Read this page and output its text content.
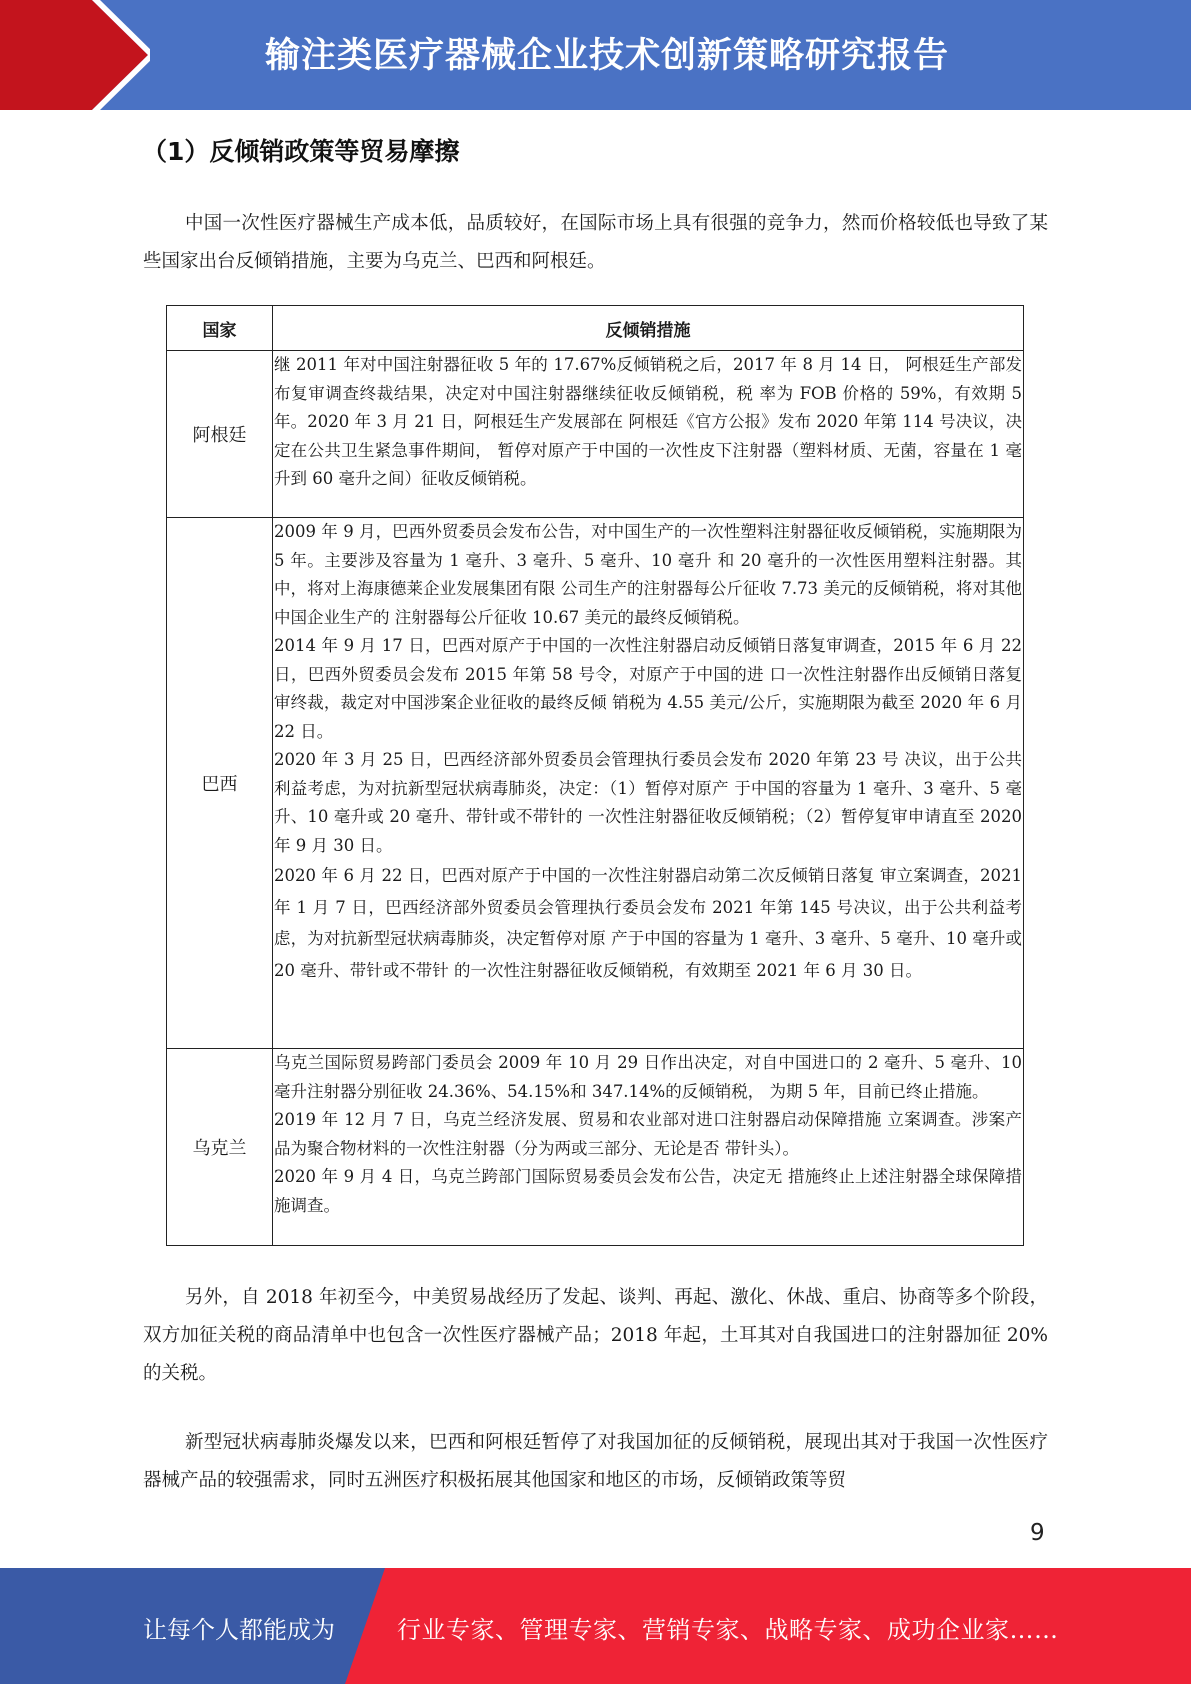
输注类医疗器械企业技术创新策略研究报告
（1）反倾销政策等贸易摩擦

中国一次性医疗器械生产成本低，品质较好，在国际市场上具有很强的竞争力，然而价格较低也导致了某些国家出台反倾销措施，主要为乌克兰、巴西和阿根廷。

国家	反倾销措施
阿根廷	继 2011 年对中国注射器征收 5 年的 17.67%反倾销税之后，2017 年 8 月 14 日， 阿根廷生产部发布复审调查终裁结果，决定对中国注射器继续征收反倾销税，税 率为 FOB 价格的 59%，有效期 5 年。2020 年 3 月 21 日，阿根廷生产发展部在 阿根廷《官方公报》发布 2020 年第 114 号决议，决定在公共卫生紧急事件期间， 暂停对原产于中国的一次性皮下注射器（塑料材质、无菌，容量在 1 毫升到 60 毫升之间）征收反倾销税。

巴西	2009 年 9 月，巴西外贸委员会发布公告，对中国生产的一次性塑料注射器征收反倾销税，实施期限为 5 年。主要涉及容量为 1 毫升、3 毫升、5 毫升、10 毫升 和 20 毫升的一次性医用塑料注射器。其中，将对上海康德莱企业发展集团有限 公司生产的注射器每公斤征收 7.73 美元的反倾销税，将对其他中国企业生产的 注射器每公斤征收 10.67 美元的最终反倾销税。

2014 年 9 月 17 日，巴西对原产于中国的一次性注射器启动反倾销日落复审调查，2015 年 6 月 22 日，巴西外贸委员会发布 2015 年第 58 号令，对原产于中国的进 口一次性注射器作出反倾销日落复审终裁，裁定对中国涉案企业征收的最终反倾 销税为 4.55 美元/公斤，实施期限为截至 2020 年 6 月 22 日。

2020 年 3 月 25 日，巴西经济部外贸委员会管理执行委员会发布 2020 年第 23 号 决议，出于公共利益考虑，为对抗新型冠状病毒肺炎，决定：（1）暂停对原产 于中国的容量为 1 毫升、3 毫升、5 毫升、10 毫升或 20 毫升、带针或不带针的 一次性注射器征收反倾销税；（2）暂停复审申请直至 2020 年 9 月 30 日。

2020 年 6 月 22 日，巴西对原产于中国的一次性注射器启动第二次反倾销日落复 审立案调查，2021 年 1 月 7 日，巴西经济部外贸委员会管理执行委员会发布 2021 年第 145 号决议，出于公共利益考虑，为对抗新型冠状病毒肺炎，决定暂停对原 产于中国的容量为 1 毫升、3 毫升、5 毫升、10 毫升或 20 毫升、带针或不带针 的一次性注射器征收反倾销税，有效期至 2021 年 6 月 30 日。

乌克兰	乌克兰国际贸易跨部门委员会 2009 年 10 月 29 日作出决定，对自中国进口的 2 毫升、5 毫升、10 毫升注射器分别征收 24.36%、54.15%和 347.14%的反倾销税， 为期 5 年，目前已终止措施。

2019 年 12 月 7 日，乌克兰经济发展、贸易和农业部对进口注射器启动保障措施 立案调查。涉案产品为聚合物材料的一次性注射器（分为两或三部分、无论是否 带针头）。

2020 年 9 月 4 日，乌克兰跨部门国际贸易委员会发布公告，决定无 措施终止上述注射器全球保障措施调查。

另外，自 2018 年初至今，中美贸易战经历了发起、谈判、再起、激化、休战、重启、协商等多个阶段，双方加征关税的商品清单中也包含一次性医疗器械产品；2018 年起，土耳其对自我国进口的注射器加征 20%的关税。

新型冠状病毒肺炎爆发以来，巴西和阿根廷暂停了对我国加征的反倾销税，展现出其对于我国一次性医疗器械产品的较强需求，同时五洲医疗积极拓展其他国家和地区的市场，反倾销政策等贸

9
让每个人都能成为	行业专家、管理专家、营销专家、战略专家、成功企业家……
